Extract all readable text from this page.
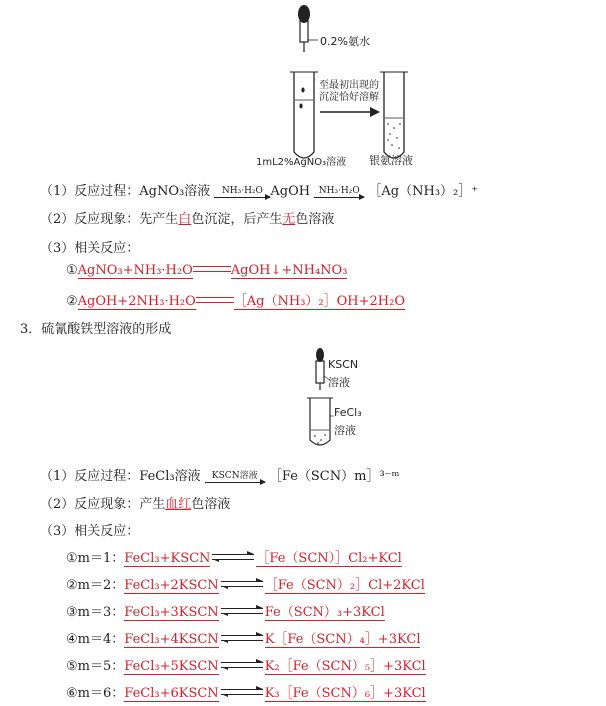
0.2%氨水
至最初出现的沉淀恰好溶解
1mL2%AgNO₃溶液 银氨溶液
（1）反应过程：AgNO₃溶液	NH₃·H₂O AgOH NH₃·H₂O ［Ag（NH₃）₂］⁺
（2）反应现象：先产生白色沉淀，后产生无色溶液
（3）相关反应：
①AgNO₃+NH₃·H₂O	AgOH↓+NH₄NO₃
②AgOH+2NH₃·H₂O	［Ag（NH₃）₂］OH+2H₂O
3．硫氰酸铁型溶液的形成
KSCN
溶液
FeCl₃
溶液
（1）反应过程：FeCl₃溶液	KSCN溶液 ［Fe（SCN）m］³⁻ᵐ
（2）反应现象：产生血红色溶液
（3）相关反应：
①m＝1：FeCl₃+KSCN	［Fe（SCN）］Cl₂+KCl
②m＝2：FeCl₃+2KSCN	［Fe（SCN）₂］Cl+2KCl
③m＝3：FeCl₃+3KSCN	Fe（SCN）₃+3KCl
④m＝4：FeCl₃+4KSCN	K［Fe（SCN）₄］+3KCl
⑤m＝5：FeCl₃+5KSCN	K₂［Fe（SCN）₅］+3KCl
⑥m＝6：FeCl₃+6KSCN	K₃［Fe（SCN）₆］+3KCl
